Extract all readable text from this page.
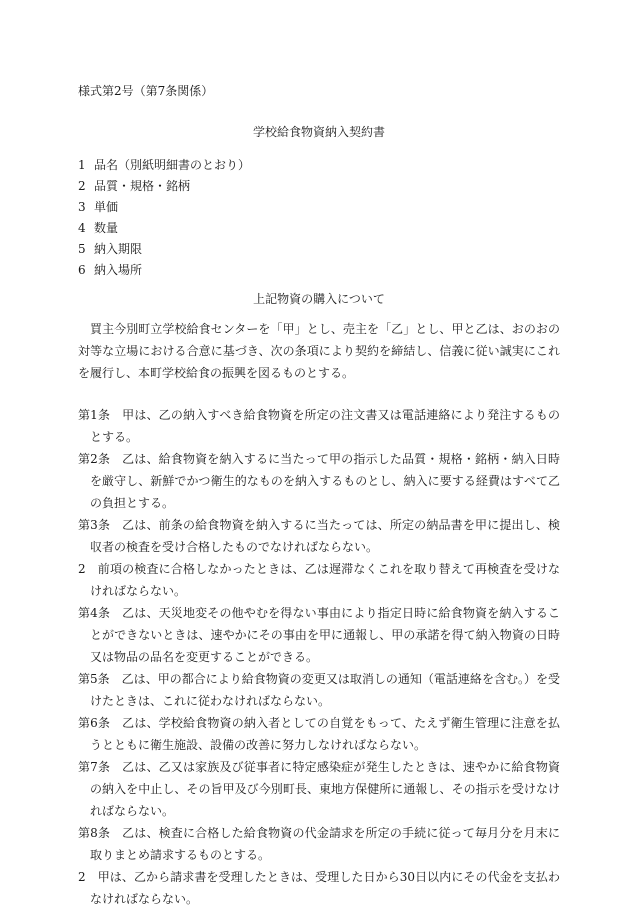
様式第2号（第7条関係）
学校給食物資納入契約書
1 品名（別紙明細書のとおり）
2 品質・規格・銘柄
3 単価
4 数量
5 納入期限
6 納入場所
上記物資の購入について

買主今別町立学校給食センターを「甲」とし、売主を「乙」とし、甲と乙は、おのおの対等な立場における合意に基づき、次の条項により契約を締結し、信義に従い誠実にこれを履行し、本町学校給食の振興を図るものとする。

第1条 甲は、乙の納入すべき給食物資を所定の注文書又は電話連絡により発注するものとする。
第2条 乙は、給食物資を納入するに当たって甲の指示した品質・規格・銘柄・納入日時を厳守し、新鮮でかつ衛生的なものを納入するものとし、納入に要する経費はすべて乙の負担とする。
第3条 乙は、前条の給食物資を納入するに当たっては、所定の納品書を甲に提出し、検収者の検査を受け合格したものでなければならない。
2 前項の検査に合格しなかったときは、乙は遅滞なくこれを取り替えて再検査を受けなければならない。
第4条 乙は、天災地変その他やむを得ない事由により指定日時に給食物資を納入することができないときは、速やかにその事由を甲に通報し、甲の承諾を得て納入物資の日時又は物品の品名を変更することができる。
第5条 乙は、甲の都合により給食物資の変更又は取消しの通知（電話連絡を含む。）を受けたときは、これに従わなければならない。
第6条 乙は、学校給食物資の納入者としての自覚をもって、たえず衛生管理に注意を払うとともに衛生施設、設備の改善に努力しなければならない。
第7条 乙は、乙又は家族及び従事者に特定感染症が発生したときは、速やかに給食物資の納入を中止し、その旨甲及び今別町長、東地方保健所に通報し、その指示を受けなければならない。
第8条 乙は、検査に合格した給食物資の代金請求を所定の手続に従って毎月分を月末に取りまとめ請求するものとする。
2 甲は、乙から請求書を受理したときは、受理した日から30日以内にその代金を支払わなければならない。
